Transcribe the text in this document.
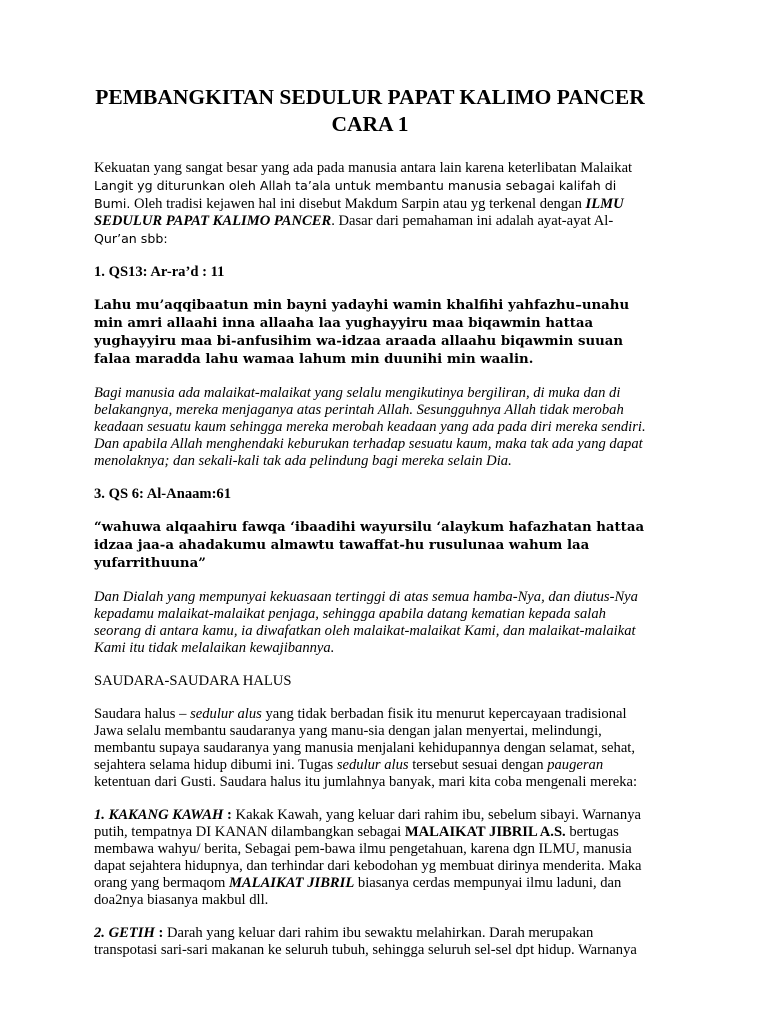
PEMBANGKITAN SEDULUR PAPAT KALIMO PANCER CARA 1

Kekuatan yang sangat besar yang ada pada manusia antara lain karena keterlibatan Malaikat Langit yg diturunkan oleh Allah ta’ala untuk membantu manusia sebagai kalifah di Bumi. Oleh tradisi kejawen hal ini disebut Makdum Sarpin atau yg terkenal dengan ILMU SEDULUR PAPAT KALIMO PANCER. Dasar dari pemahaman ini adalah ayat-ayat Al-Qur’an sbb:

1. QS13: Ar-ra’d : 11

Lahu mu’aqqibaatun min bayni yadayhi wamin khalfihi yahfazhu–unahu min amri allaahi inna allaaha laa yughayyiru maa biqawmin hattaa yughayyiru maa bi-anfusihim wa-idzaa araada allaahu biqawmin suuan falaa maradda lahu wamaa lahum min duunihi min waalin.

Bagi manusia ada malaikat-malaikat yang selalu mengikutinya bergiliran, di muka dan di belakangnya, mereka menjaganya atas perintah Allah. Sesungguhnya Allah tidak merobah keadaan sesuatu kaum sehingga mereka merobah keadaan yang ada pada diri mereka sendiri. Dan apabila Allah menghendaki keburukan terhadap sesuatu kaum, maka tak ada yang dapat menolaknya; dan sekali-kali tak ada pelindung bagi mereka selain Dia.

3. QS 6: Al-Anaam:61

“wahuwa alqaahiru fawqa ‘ibaadihi wayursilu ‘alaykum hafazhatan hattaa idzaa jaa-a ahadakumu almawtu tawaffat-hu rusulunaa wahum laa yufarrithuuna”

Dan Dialah yang mempunyai kekuasaan tertinggi di atas semua hamba-Nya, dan diutus-Nya kepadamu malaikat-malaikat penjaga, sehingga apabila datang kematian kepada salah seorang di antara kamu, ia diwafatkan oleh malaikat-malaikat Kami, dan malaikat-malaikat Kami itu tidak melalaikan kewajibannya.

SAUDARA-SAUDARA HALUS

Saudara halus – sedulur alus yang tidak berbadan fisik itu menurut kepercayaan tradisional Jawa selalu membantu saudaranya yang manu-sia dengan jalan menyertai, melindungi, membantu supaya saudaranya yang manusia menjalani kehidupannya dengan selamat, sehat, sejahtera selama hidup dibumi ini. Tugas sedulur alus tersebut sesuai dengan paugeran ketentuan dari Gusti. Saudara halus itu jumlahnya banyak, mari kita coba mengenali mereka:

1. KAKANG KAWAH : Kakak Kawah, yang keluar dari rahim ibu, sebelum sibayi. Warnanya putih, tempatnya DI KANAN dilambangkan sebagai MALAIKAT JIBRIL A.S. bertugas membawa wahyu/ berita, Sebagai pem-bawa ilmu pengetahuan, karena dgn ILMU, manusia dapat sejahtera hidupnya, dan terhindar dari kebodohan yg membuat dirinya menderita. Maka orang yang bermaqom MALAIKAT JIBRIL biasanya cerdas mempunyai ilmu laduni, dan doa2nya biasanya makbul dll.

2. GETIH : Darah yang keluar dari rahim ibu sewaktu melahirkan. Darah merupakan transpotasi sari-sari makanan ke seluruh tubuh, sehingga seluruh sel-sel dpt hidup. Warnanya
